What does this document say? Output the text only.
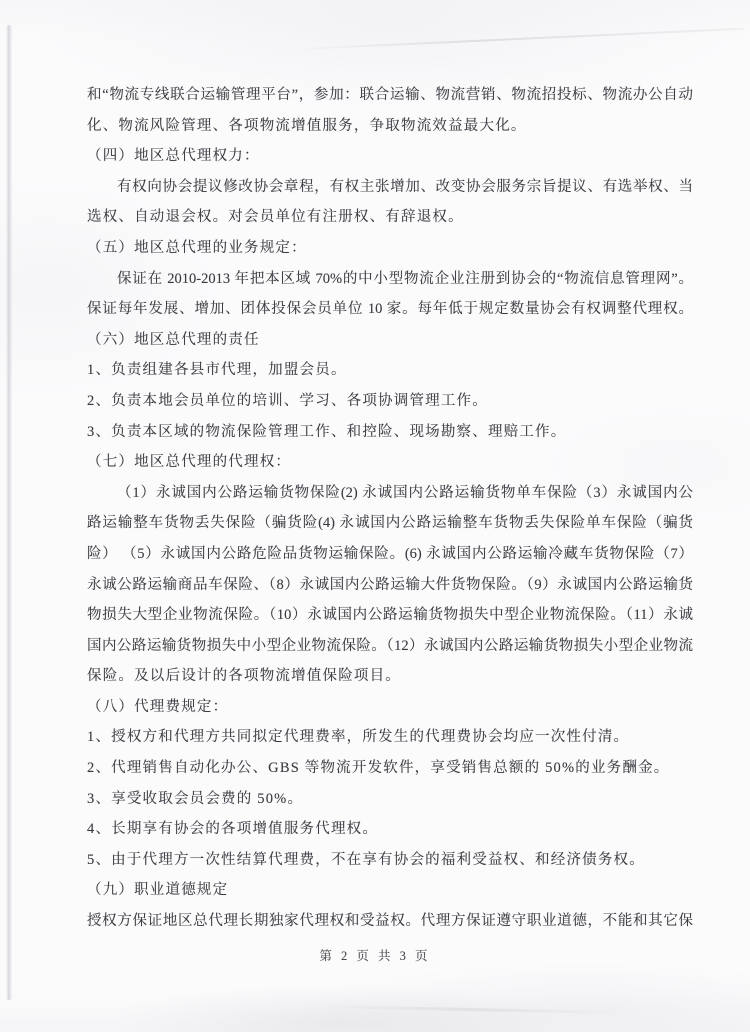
和“物流专线联合运输管理平台”，参加：联合运输、物流营销、物流招投标、物流办公自动
化、物流风险管理、各项物流增值服务，争取物流效益最大化。
（四）地区总代理权力：
有权向协会提议修改协会章程，有权主张增加、改变协会服务宗旨提议、有选举权、当
选权、自动退会权。对会员单位有注册权、有辞退权。
（五）地区总代理的业务规定：
保证在 2010-2013 年把本区域 70%的中小型物流企业注册到协会的“物流信息管理网”。
保证每年发展、增加、团体投保会员单位 10 家。每年低于规定数量协会有权调整代理权。
（六）地区总代理的责任
1、负责组建各县市代理，加盟会员。
2、负责本地会员单位的培训、学习、各项协调管理工作。
3、负责本区域的物流保险管理工作、和控险、现场勘察、理赔工作。
（七）地区总代理的代理权：
（1）永诚国内公路运输货物保险(2) 永诚国内公路运输货物单车保险（3）永诚国内公
路运输整车货物丢失保险（骗货险(4) 永诚国内公路运输整车货物丢失保险单车保险（骗货
险） （5）永诚国内公路危险品货物运输保险。(6) 永诚国内公路运输冷藏车货物保险（7）
永诚公路运输商品车保险、（8）永诚国内公路运输大件货物保险。（9）永诚国内公路运输货
物损失大型企业物流保险。（10）永诚国内公路运输货物损失中型企业物流保险。（11）永诚
国内公路运输货物损失中小型企业物流保险。（12）永诚国内公路运输货物损失小型企业物流
保险。及以后设计的各项物流增值保险项目。
（八）代理费规定：
1、授权方和代理方共同拟定代理费率，所发生的代理费协会均应一次性付清。
2、代理销售自动化办公、GBS 等物流开发软件，享受销售总额的 50%的业务酬金。
3、享受收取会员会费的 50%。
4、长期享有协会的各项增值服务代理权。
5、由于代理方一次性结算代理费，不在享有协会的福利受益权、和经济债务权。
（九）职业道德规定
授权方保证地区总代理长期独家代理权和受益权。代理方保证遵守职业道德，不能和其它保
第 2 页 共 3 页
